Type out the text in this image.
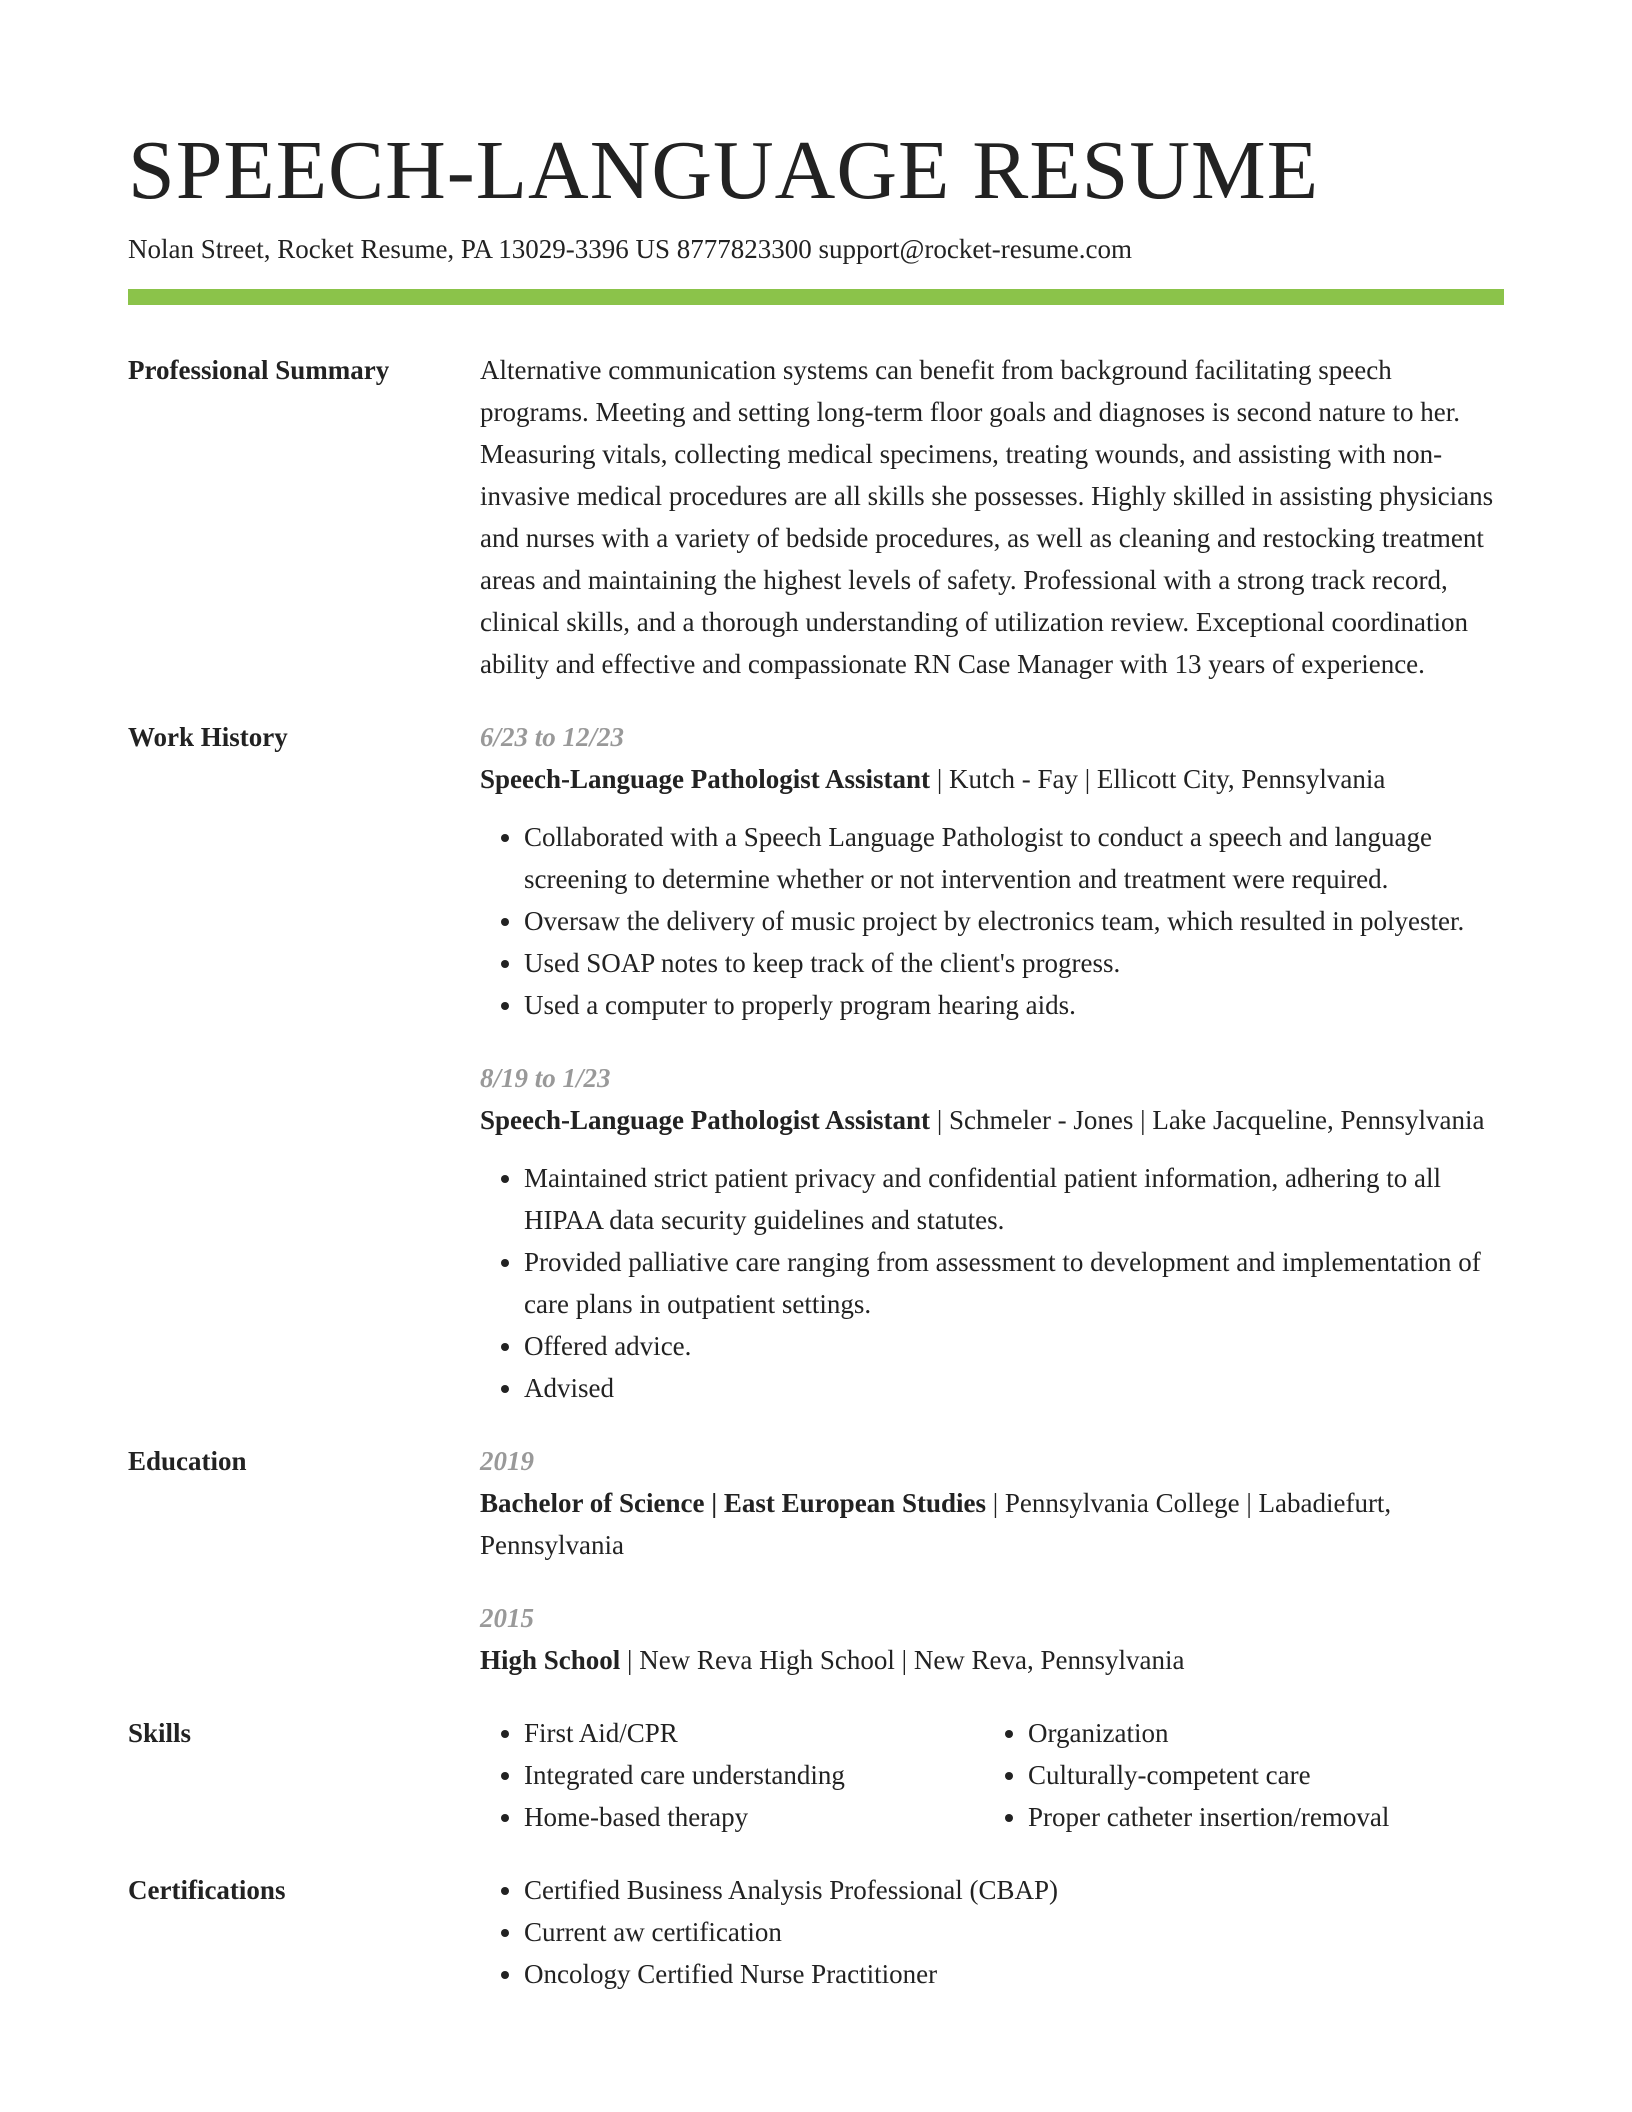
SPEECH-LANGUAGE RESUME
Nolan Street, Rocket Resume, PA 13029-3396 US 8777823300 support@rocket-resume.com
Professional Summary	Alternative communication systems can benefit from background facilitating speech programs. Meeting and setting long-term floor goals and diagnoses is second nature to her. Measuring vitals, collecting medical specimens, treating wounds, and assisting with non-invasive medical procedures are all skills she possesses. Highly skilled in assisting physicians and nurses with a variety of bedside procedures, as well as cleaning and restocking treatment areas and maintaining the highest levels of safety. Professional with a strong track record, clinical skills, and a thorough understanding of utilization review. Exceptional coordination ability and effective and compassionate RN Case Manager with 13 years of experience.

Work History	6/23 to 12/23
Speech-Language Pathologist Assistant | Kutch - Fay | Ellicott City, Pennsylvania
• Collaborated with a Speech Language Pathologist to conduct a speech and language screening to determine whether or not intervention and treatment were required.
• Oversaw the delivery of music project by electronics team, which resulted in polyester.
• Used SOAP notes to keep track of the client's progress.
• Used a computer to properly program hearing aids.
8/19 to 1/23
Speech-Language Pathologist Assistant | Schmeler - Jones | Lake Jacqueline, Pennsylvania
• Maintained strict patient privacy and confidential patient information, adhering to all HIPAA data security guidelines and statutes.
• Provided palliative care ranging from assessment to development and implementation of care plans in outpatient settings.
• Offered advice.
• Advised
Education	2019
Bachelor of Science | East European Studies | Pennsylvania College | Labadiefurt, Pennsylvania
2015
High School | New Reva High School | New Reva, Pennsylvania
Skills	• First Aid/CPR
• Integrated care understanding
• Home-based therapy
• Organization
• Culturally-competent care
• Proper catheter insertion/removal
Certifications	• Certified Business Analysis Professional (CBAP)
• Current aw certification
• Oncology Certified Nurse Practitioner
